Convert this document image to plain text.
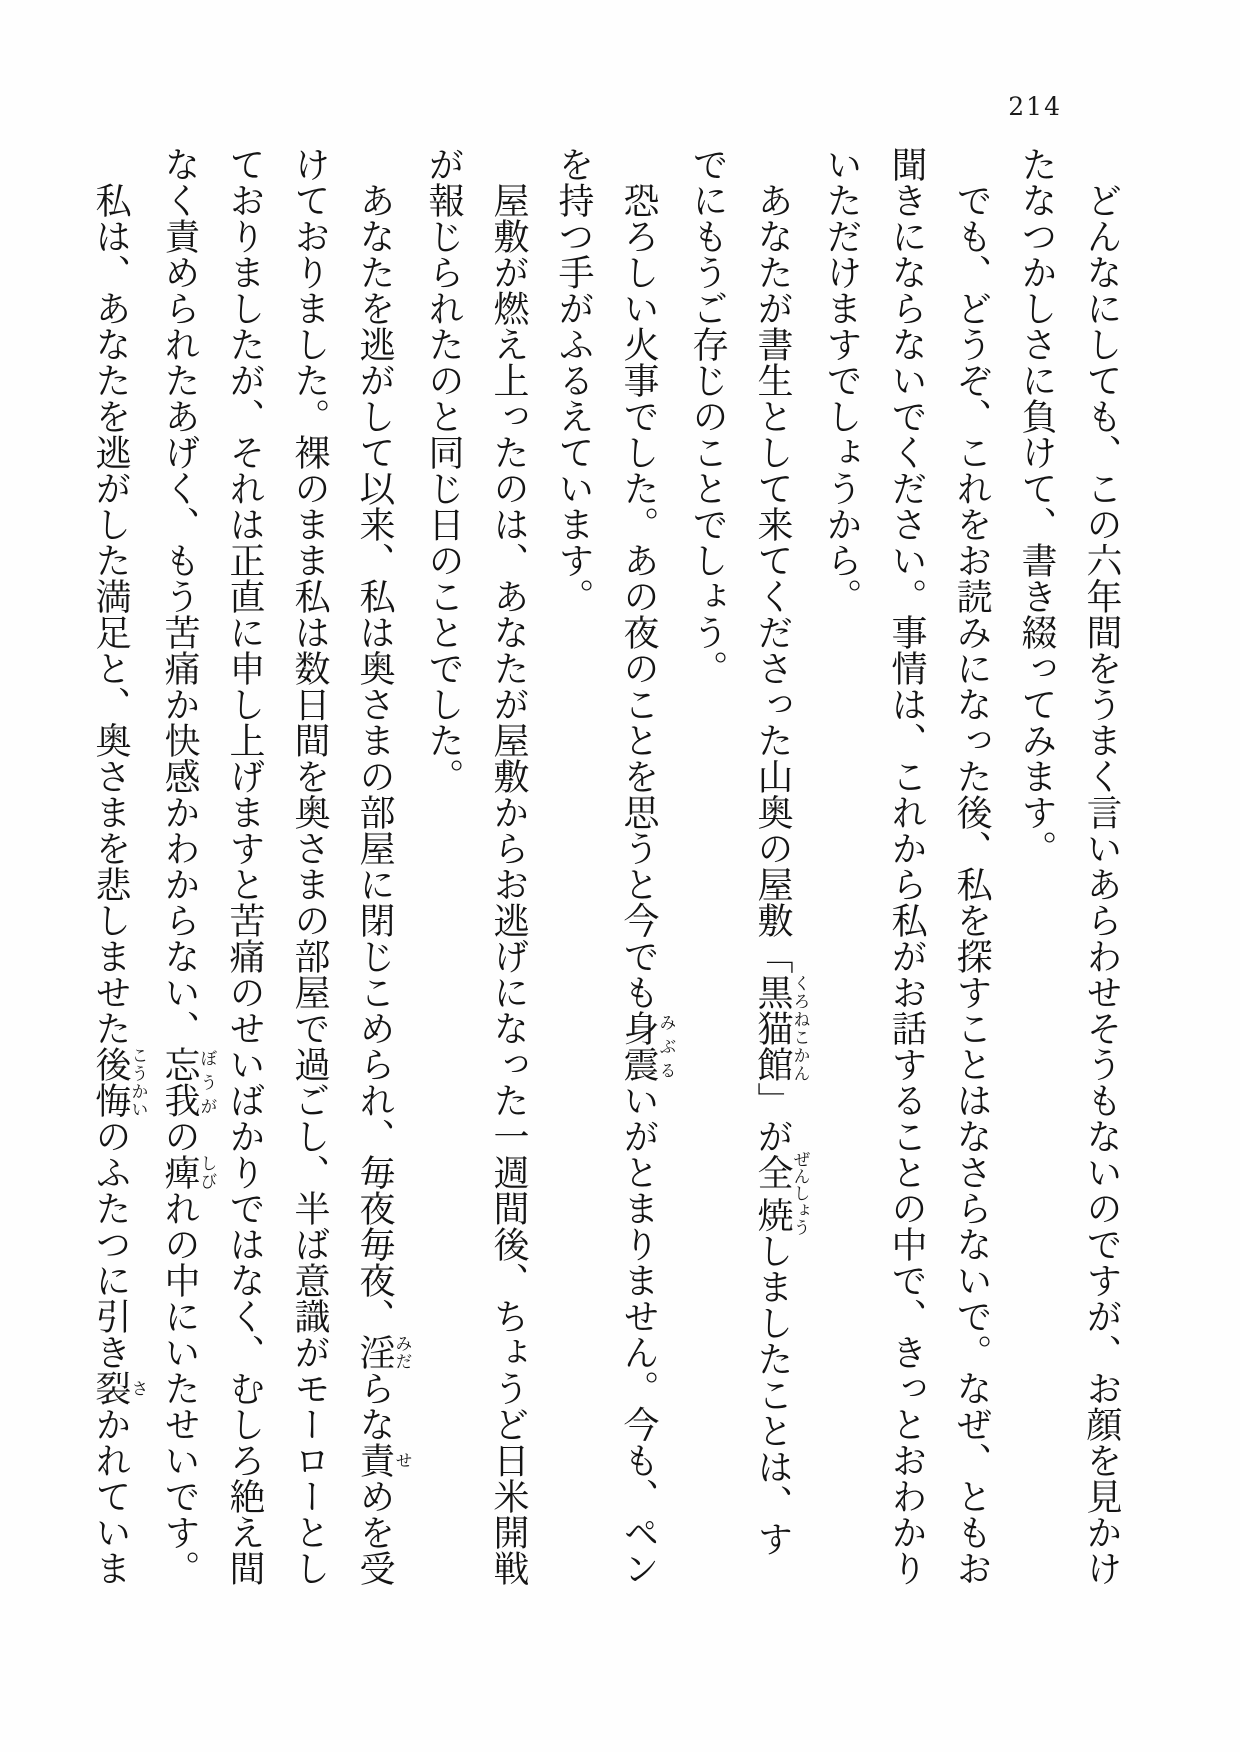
214

どんなにしても、この六年間をうまく言いあらわせそうもないのですが、お顔を見かけたなつかしさに負けて、書き綴ってみます。

でも、どうぞ、これをお読みになった後、私を探すことはなさらないで。なぜ、ともお聞きにならないでください。事情は、これから私がお話することの中で、きっとおわかりいただけますでしょうから。

あなたが書生として来てくださった山奥の屋敷「黒猫館くろねこかん」が全焼ぜんしょうしましたことは、すでにもうご存じのことでしょう。

恐ろしい火事でした。あの夜のことを思うと今でも身震みぶるいがとまりません。今も、ペンを持つ手がふるえています。

屋敷が燃え上ったのは、あなたが屋敷からお逃げになった一週間後、ちょうど日米開戦が報じられたのと同じ日のことでした。

あなたを逃がして以来、私は奥さまの部屋に閉じこめられ、毎夜毎夜、淫みだらな責せめを受けておりました。裸のまま私は数日間を奥さまの部屋で過ごし、半ば意識がモーローとしておりましたが、それは正直に申し上げますと苦痛のせいばかりではなく、むしろ絶え間なく責められたあげく、もう苦痛か快感かわからない、忘我ぼうがの痺しびれの中にいたせいです。

私は、あなたを逃がした満足と、奥さまを悲しませた後悔こうかいのふたつに引き裂さかれていま
